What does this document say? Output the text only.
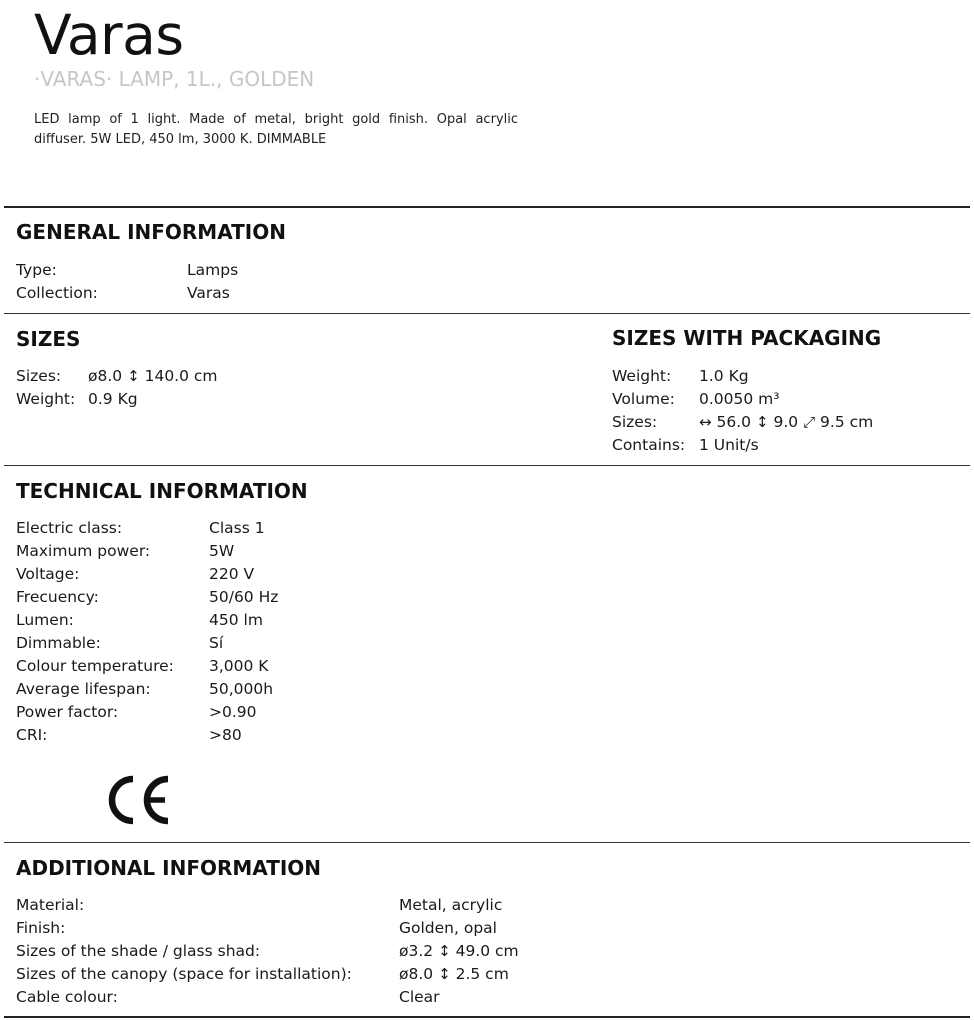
Varas
·VARAS· LAMP, 1L., GOLDEN

LED lamp of 1 light. Made of metal, bright gold finish. Opal acrylic diffuser. 5W LED, 450 lm, 3000 K. DIMMABLE

GENERAL INFORMATION
Type:	Lamps
Collection:	Varas
SIZES
Sizes: ø8.0 ↕ 140.0 cm
Weight: 0.9 Kg
SIZES WITH PACKAGING
Weight: 1.0 Kg
Volume: 0.0050 m³
Sizes:	↔ 56.0 ↕ 9.0 ⤢ 9.5 cm
Contains: 1 Unit/s
TECHNICAL INFORMATION
Electric class:	Class 1
Maximum power:	5W
Voltage:	220 V
Frecuency:	50/60 Hz
Lumen:	450 lm
Dimmable:	Sí
Colour temperature: 3,000 K
Average lifespan:	50,000h
Power factor:	>0.90
CRI:	>80
ADDITIONAL INFORMATION
Material:	Metal, acrylic
Finish:	Golden, opal
Sizes of the shade / glass shad:	ø3.2 ↕ 49.0 cm
Sizes of the canopy (space for installation):	ø8.0 ↕ 2.5 cm
Cable colour:	Clear
